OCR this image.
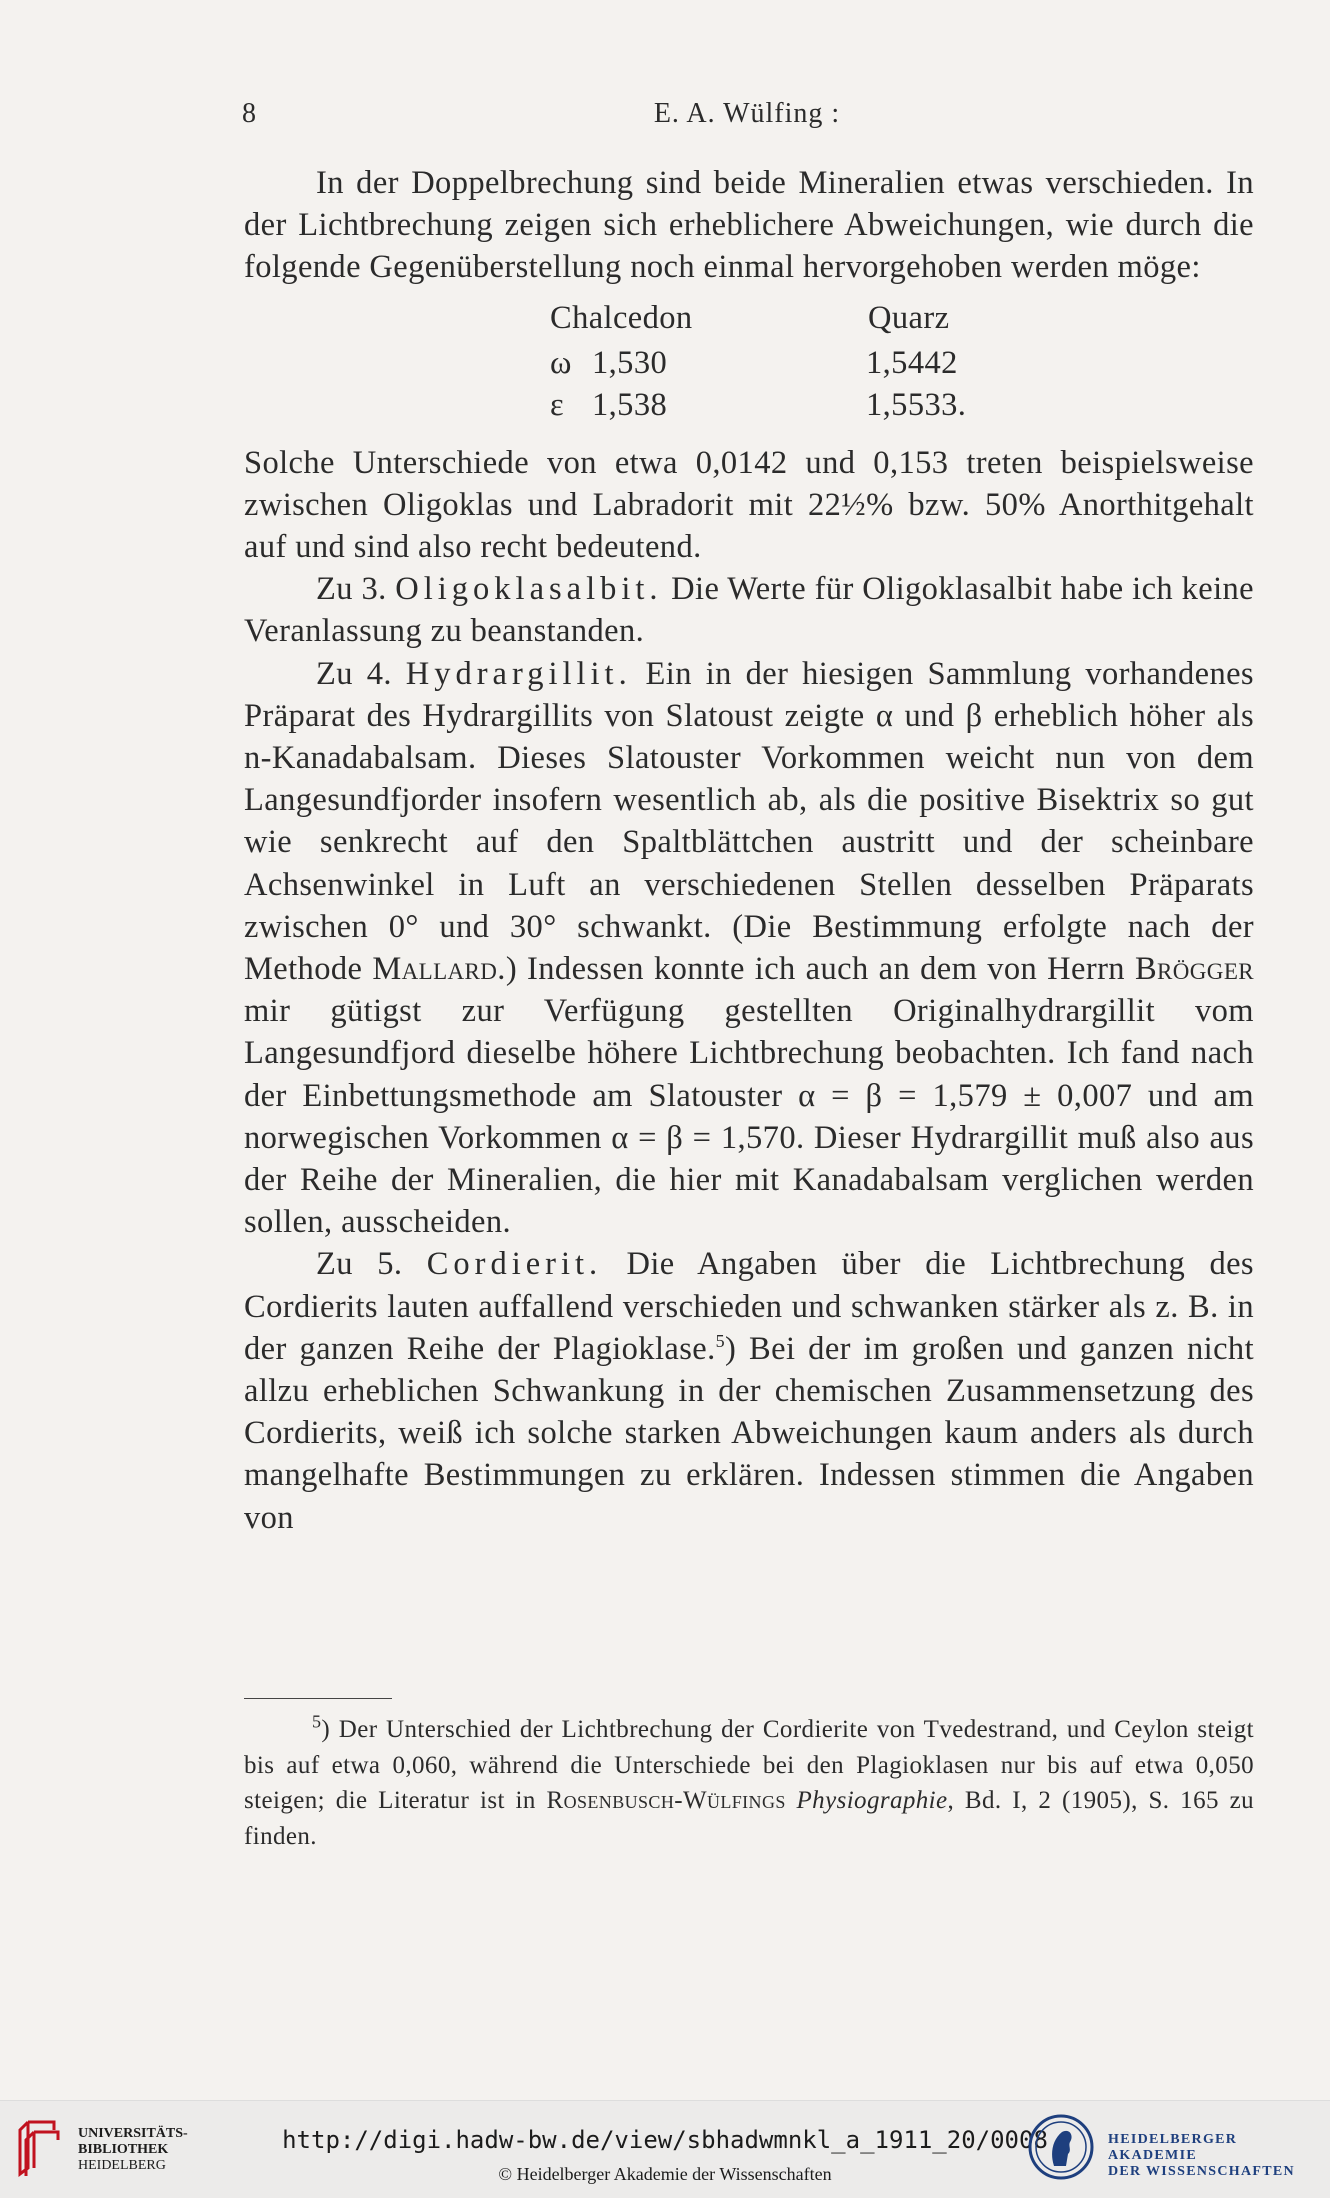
8	E. A. Wülfing :

In der Doppelbrechung sind beide Mineralien etwas verschieden. In der Lichtbrechung zeigen sich erheblichere Abweichungen, wie durch die folgende Gegenüberstellung noch einmal hervorgehoben werden möge:

Chalcedon	Quarz
ω 1,530	1,5442
ε 1,538	1,5533.

Solche Unterschiede von etwa 0,0142 und 0,153 treten beispielsweise zwischen Oligoklas und Labradorit mit 22½% bzw. 50% Anorthitgehalt auf und sind also recht bedeutend.

Zu 3. Oligoklasalbit. Die Werte für Oligoklasalbit habe ich keine Veranlassung zu beanstanden.

Zu 4. Hydrargillit. Ein in der hiesigen Sammlung vorhandenes Präparat des Hydrargillits von Slatoust zeigte α und β erheblich höher als n-Kanadabalsam. Dieses Slatouster Vorkommen weicht nun von dem Langesundfjorder insofern wesentlich ab, als die positive Bisektrix so gut wie senkrecht auf den Spaltblättchen austritt und der scheinbare Achsenwinkel in Luft an verschiedenen Stellen desselben Präparats zwischen 0° und 30° schwankt. (Die Bestimmung erfolgte nach der Methode Mallard.) Indessen konnte ich auch an dem von Herrn Brögger mir gütigst zur Verfügung gestellten Originalhydrargillit vom Langesundfjord dieselbe höhere Lichtbrechung beobachten. Ich fand nach der Einbettungsmethode am Slatouster α = β = 1,579 ± 0,007 und am norwegischen Vorkommen α = β = 1,570. Dieser Hydrargillit muß also aus der Reihe der Mineralien, die hier mit Kanadabalsam verglichen werden sollen, ausscheiden.

Zu 5. Cordierit. Die Angaben über die Lichtbrechung des Cordierits lauten auffallend verschieden und schwanken stärker als z. B. in der ganzen Reihe der Plagioklase.$^5$) Bei der im großen und ganzen nicht allzu erheblichen Schwankung in der chemischen Zusammensetzung des Cordierits, weiß ich solche starken Abweichungen kaum anders als durch mangelhafte Bestimmungen zu erklären. Indessen stimmen die Angaben von

$^5$) Der Unterschied der Lichtbrechung der Cordierite von Tvedestrand, und Ceylon steigt bis auf etwa 0,060, während die Unterschiede bei den Plagioklasen nur bis auf etwa 0,050 steigen; die Literatur ist in Rosenbusch-Wülfings Physiographie, Bd. I, 2 (1905), S. 165 zu finden.

UNIVERSITÄTS-
BIBLIOTHEK
HEIDELBERG
http://digi.hadw-bw.de/view/sbhadwmnkl_a_1911_20/0008
© Heidelberger Akademie der Wissenschaften
HEIDELBERGER AKADEMIE
DER WISSENSCHAFTEN
